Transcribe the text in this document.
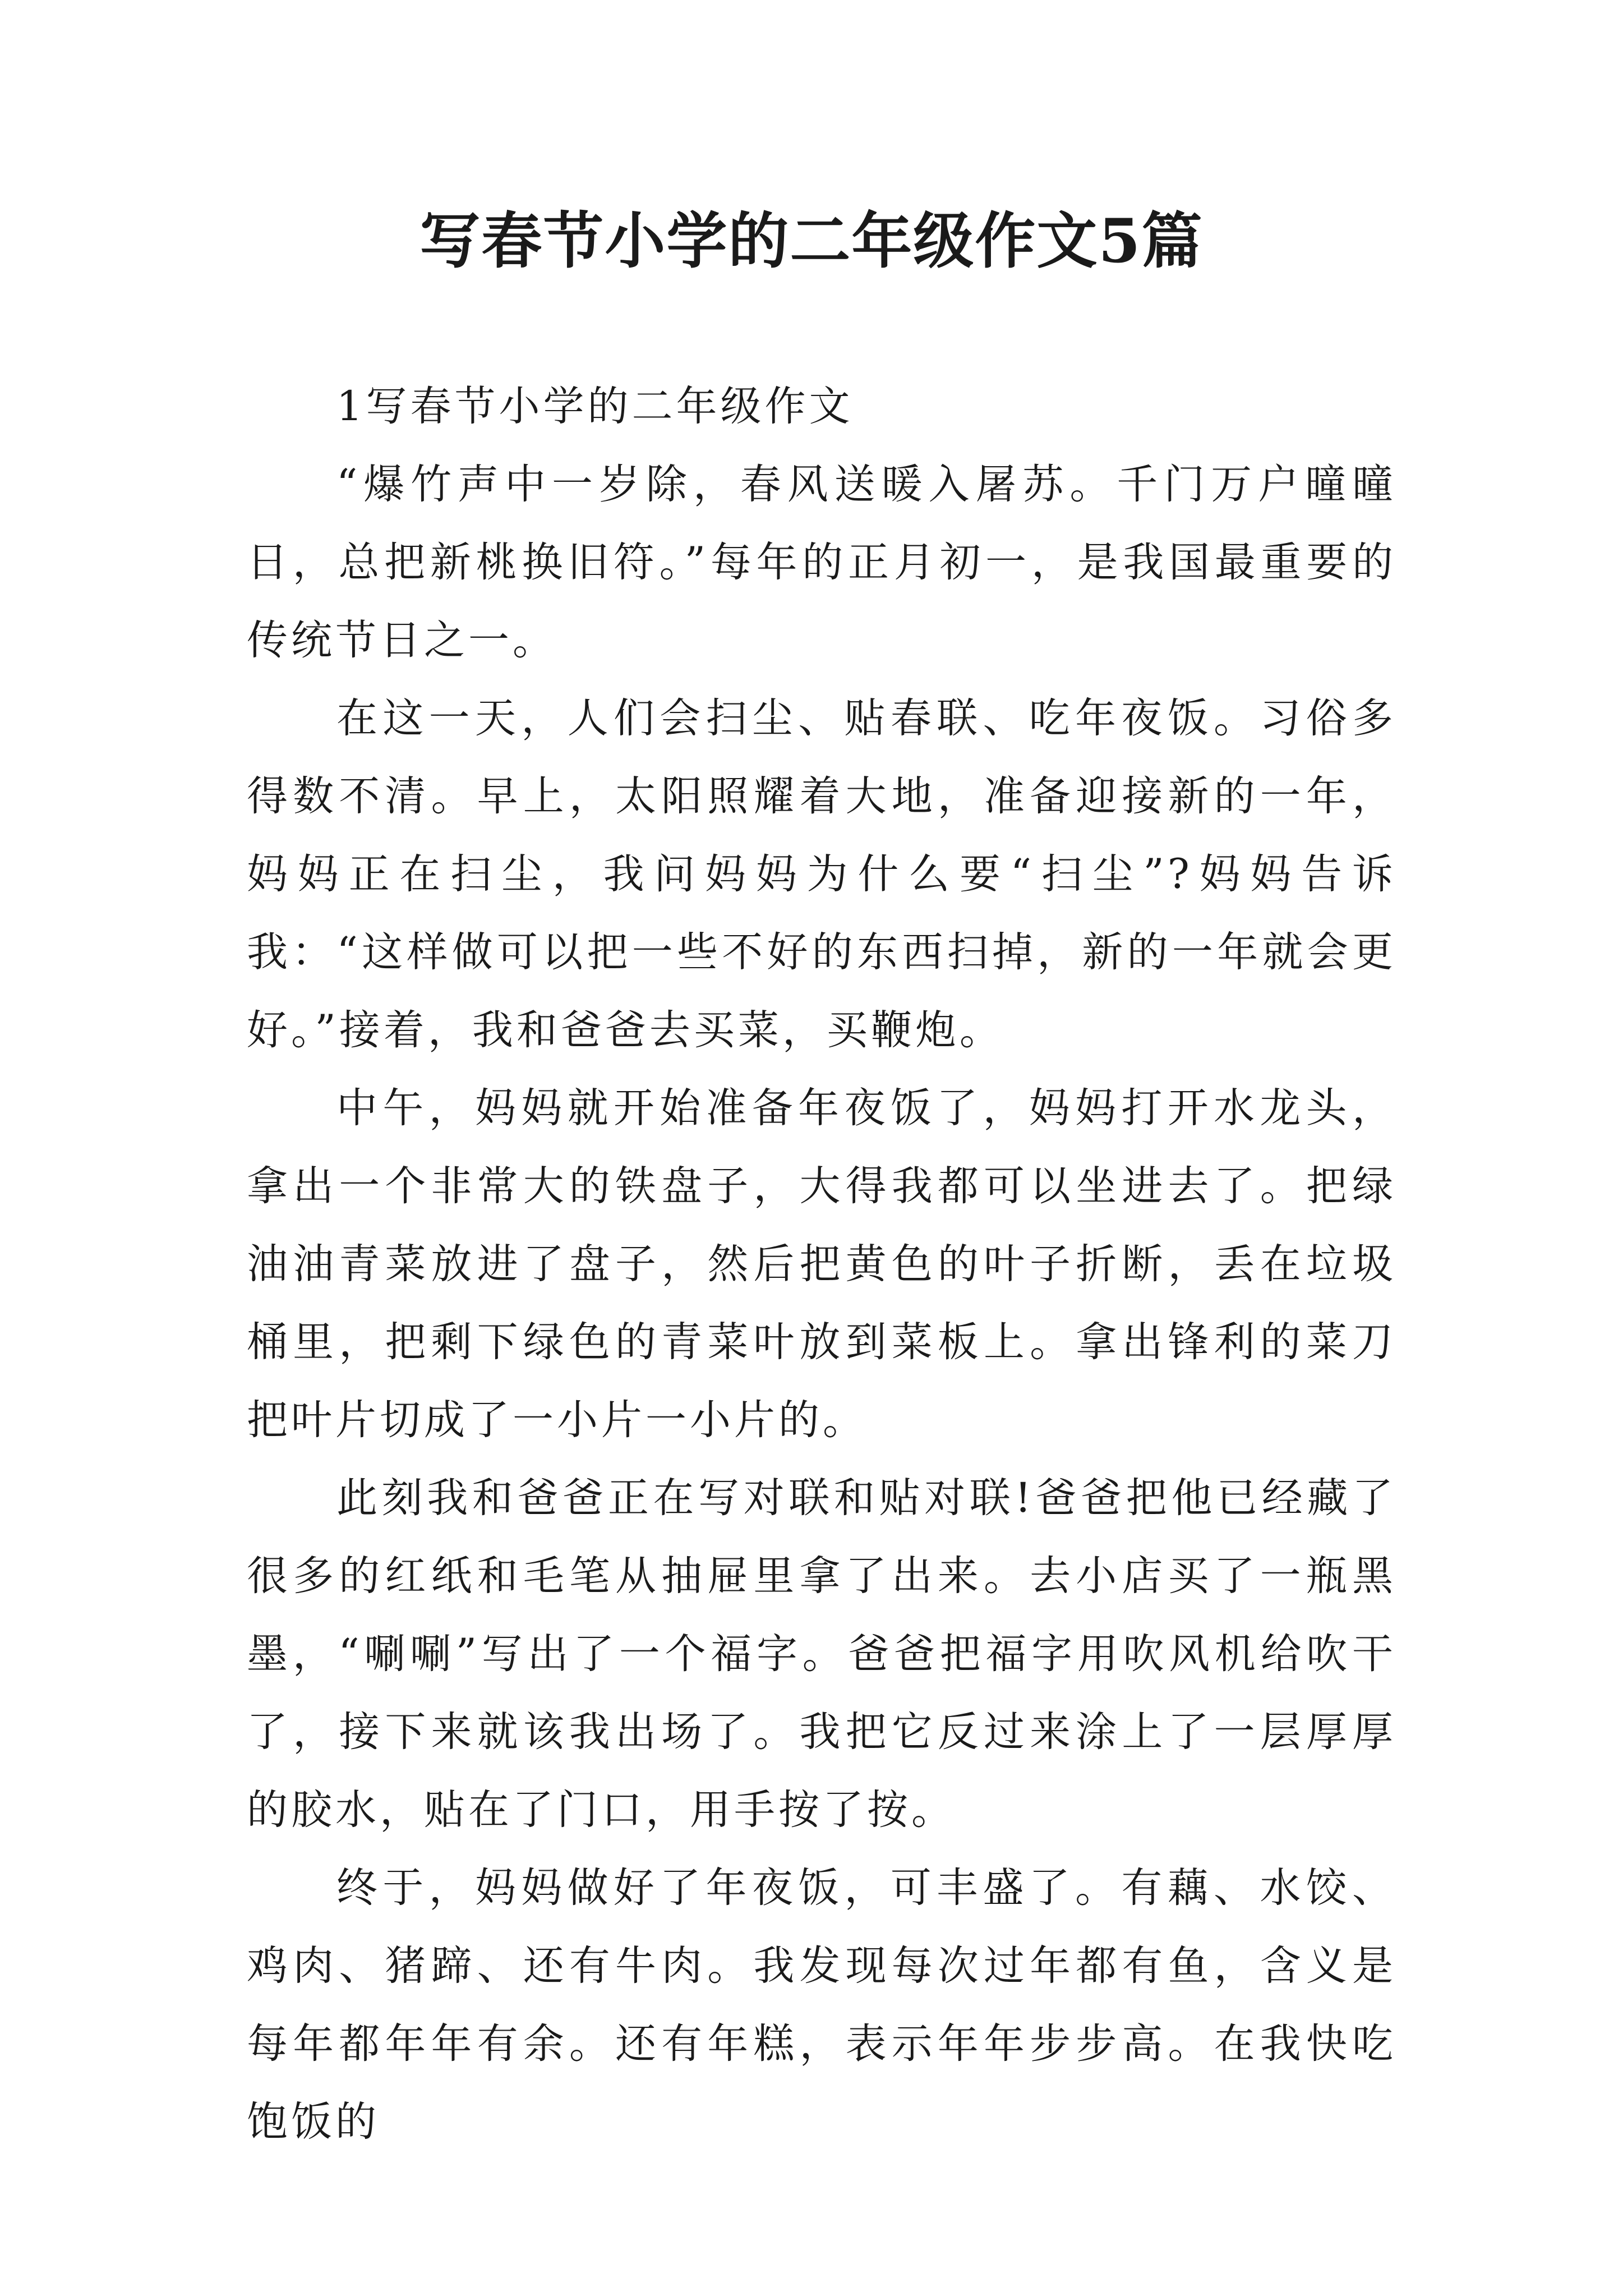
写春节小学的二年级作文5篇
1写春节小学的二年级作文

“爆竹声中一岁除，春风送暖入屠苏。千门万户曈曈日，总把新桃换旧符。”每年的正月初一，是我国最重要的传统节日之一。

在这一天，人们会扫尘、贴春联、吃年夜饭。习俗多得数不清。早上，太阳照耀着大地，准备迎接新的一年，妈妈正在扫尘，我问妈妈为什么要“扫尘”?妈妈告诉我：“这样做可以把一些不好的东西扫掉，新的一年就会更好。”接着，我和爸爸去买菜，买鞭炮。

中午，妈妈就开始准备年夜饭了，妈妈打开水龙头，拿出一个非常大的铁盘子，大得我都可以坐进去了。把绿油油青菜放进了盘子，然后把黄色的叶子折断，丢在垃圾桶里，把剩下绿色的青菜叶放到菜板上。拿出锋利的菜刀把叶片切成了一小片一小片的。

此刻我和爸爸正在写对联和贴对联!爸爸把他已经藏了很多的红纸和毛笔从抽屉里拿了出来。去小店买了一瓶黑墨，“唰唰”写出了一个福字。爸爸把福字用吹风机给吹干了，接下来就该我出场了。我把它反过来涂上了一层厚厚的胶水，贴在了门口，用手按了按。

终于，妈妈做好了年夜饭，可丰盛了。有藕、水饺、鸡肉、猪蹄、还有牛肉。我发现每次过年都有鱼，含义是每年都年年有余。还有年糕，表示年年步步高。在我快吃饱饭的
